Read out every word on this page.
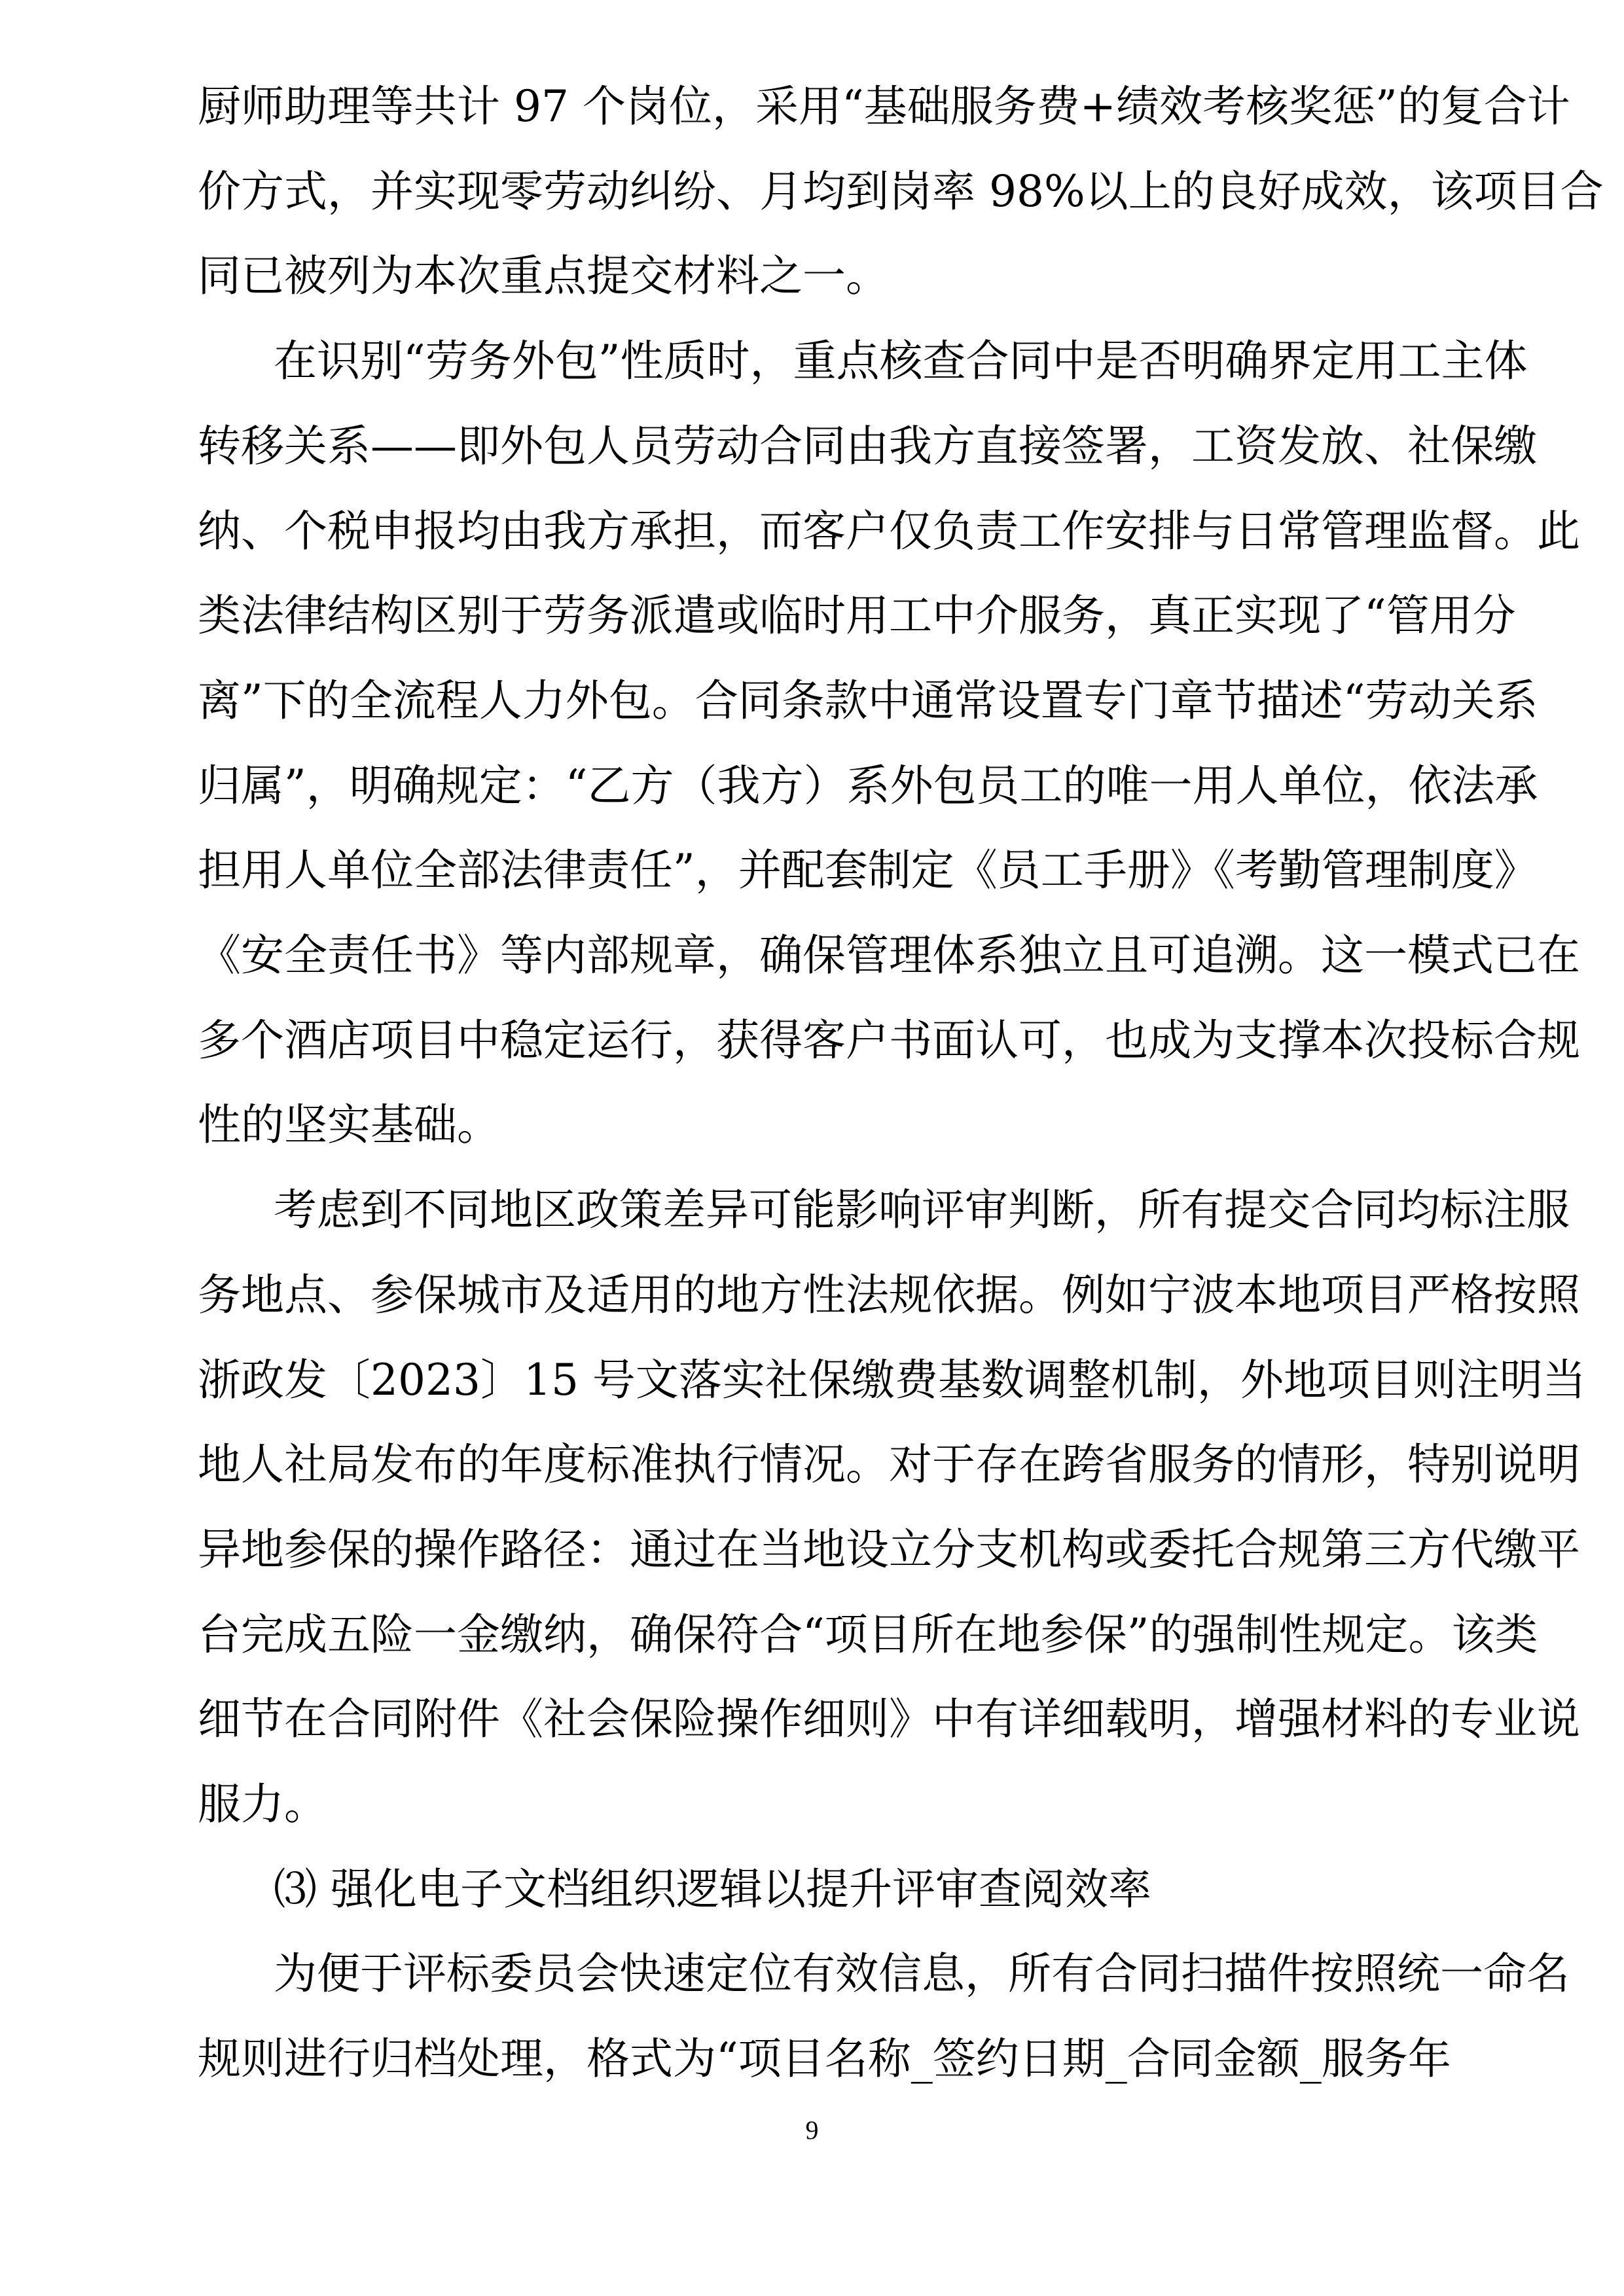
厨师助理等共计 97 个岗位，采用“基础服务费+绩效考核奖惩”的复合计
价方式，并实现零劳动纠纷、月均到岗率 98%以上的良好成效，该项目合
同已被列为本次重点提交材料之一。
在识别“劳务外包”性质时，重点核查合同中是否明确界定用工主体
转移关系——即外包人员劳动合同由我方直接签署，工资发放、社保缴
纳、个税申报均由我方承担，而客户仅负责工作安排与日常管理监督。此
类法律结构区别于劳务派遣或临时用工中介服务，真正实现了“管用分
离”下的全流程人力外包。合同条款中通常设置专门章节描述“劳动关系
归属”，明确规定：“乙方（我方）系外包员工的唯一用人单位，依法承
担用人单位全部法律责任”，并配套制定《员工手册》《考勤管理制度》
《安全责任书》等内部规章，确保管理体系独立且可追溯。这一模式已在
多个酒店项目中稳定运行，获得客户书面认可，也成为支撑本次投标合规
性的坚实基础。
考虑到不同地区政策差异可能影响评审判断，所有提交合同均标注服
务地点、参保城市及适用的地方性法规依据。例如宁波本地项目严格按照
浙政发〔2023〕15 号文落实社保缴费基数调整机制，外地项目则注明当
地人社局发布的年度标准执行情况。对于存在跨省服务的情形，特别说明
异地参保的操作路径：通过在当地设立分支机构或委托合规第三方代缴平
台完成五险一金缴纳，确保符合“项目所在地参保”的强制性规定。该类
细节在合同附件《社会保险操作细则》中有详细载明，增强材料的专业说
服力。
⑶ 强化电子文档组织逻辑以提升评审查阅效率
为便于评标委员会快速定位有效信息，所有合同扫描件按照统一命名
规则进行归档处理，格式为“项目名称_签约日期_合同金额_服务年
9
